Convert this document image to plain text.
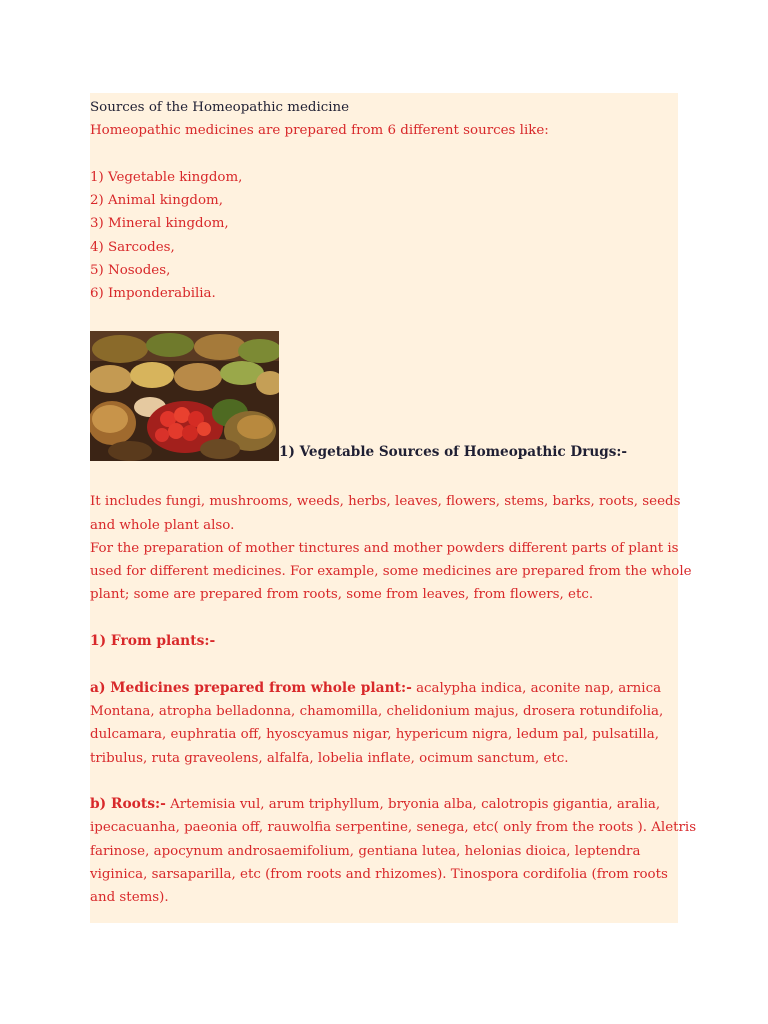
Sources of the Homeopathic medicine

Homeopathic medicines are prepared from 6 different sources like:

1) Vegetable kingdom,

2) Animal kingdom,

3) Mineral kingdom,

4) Sarcodes,

5) Nosodes,

6) Imponderabilia.

1) Vegetable Sources of Homeopathic Drugs:-

It includes fungi, mushrooms, weeds, herbs, leaves, flowers, stems, barks, roots, seeds

and whole plant also.

For the preparation of mother tinctures and mother powders different parts of plant is

used for different medicines. For example, some medicines are prepared from the whole

plant; some are prepared from roots, some from leaves, from flowers, etc.

1) From plants:-

a) Medicines prepared from whole plant:- acalypha indica, aconite nap, arnica

Montana, atropha belladonna, chamomilla, chelidonium majus, drosera rotundifolia,

dulcamara, euphratia off, hyoscyamus nigar, hypericum nigra, ledum pal, pulsatilla,

tribulus, ruta graveolens, alfalfa, lobelia inflate, ocimum sanctum, etc.

b) Roots:- Artemisia vul, arum triphyllum, bryonia alba, calotropis gigantia, aralia,

ipecacuanha, paeonia off, rauwolfia serpentine, senega, etc( only from the roots ). Aletris

farinose, apocynum androsaemifolium, gentiana lutea, helonias dioica, leptendra

viginica, sarsaparilla, etc (from roots and rhizomes). Tinospora cordifolia (from roots

and stems).
